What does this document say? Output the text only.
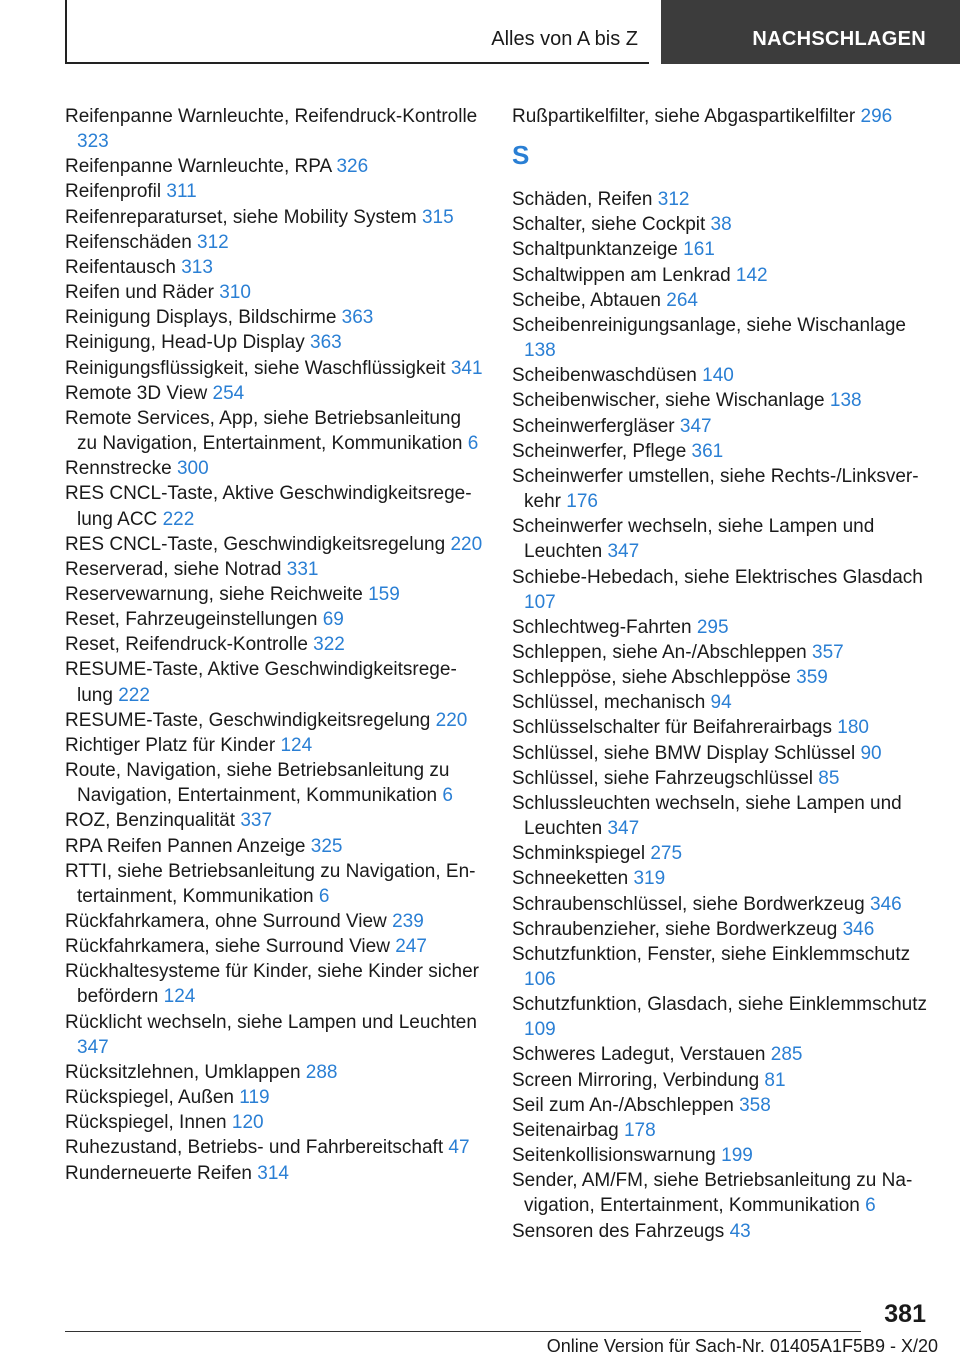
Alles von A bis Z	NACHSCHLAGEN
Reifenpanne Warnleuchte, Reifendruck-Kontrolle 323
Reifenpanne Warnleuchte, RPA 326
Reifenprofil 311
Reifenreparaturset, siehe Mobility System 315
Reifenschäden 312
Reifentausch 313
Reifen und Räder 310
Reinigung Displays, Bildschirme 363
Reinigung, Head-Up Display 363
Reinigungsflüssigkeit, siehe Waschflüssigkeit 341
Remote 3D View 254
Remote Services, App, siehe Betriebsanleitung zu Navigation, Entertainment, Kommunikation 6
Rennstrecke 300
RES CNCL-Taste, Aktive Geschwindigkeitsregelung ACC 222
RES CNCL-Taste, Geschwindigkeitsregelung 220
Reserverad, siehe Notrad 331
Reservewarnung, siehe Reichweite 159
Reset, Fahrzeugeinstellungen 69
Reset, Reifendruck-Kontrolle 322
RESUME-Taste, Aktive Geschwindigkeitsregelung 222
RESUME-Taste, Geschwindigkeitsregelung 220
Richtiger Platz für Kinder 124
Route, Navigation, siehe Betriebsanleitung zu Navigation, Entertainment, Kommunikation 6
ROZ, Benzinqualität 337
RPA Reifen Pannen Anzeige 325
RTTI, siehe Betriebsanleitung zu Navigation, Entertainment, Kommunikation 6
Rückfahrkamera, ohne Surround View 239
Rückfahrkamera, siehe Surround View 247
Rückhaltesysteme für Kinder, siehe Kinder sicher befördern 124
Rücklicht wechseln, siehe Lampen und Leuchten 347
Rücksitzlehnen, Umklappen 288
Rückspiegel, Außen 119
Rückspiegel, Innen 120
Ruhezustand, Betriebs- und Fahrbereitschaft 47
Runderneuerte Reifen 314
Rußpartikelfilter, siehe Abgaspartikelfilter 296
S
Schäden, Reifen 312
Schalter, siehe Cockpit 38
Schaltpunktanzeige 161
Schaltwippen am Lenkrad 142
Scheibe, Abtauen 264
Scheibenreinigungsanlage, siehe Wischanlage 138
Scheibenwaschdüsen 140
Scheibenwischer, siehe Wischanlage 138
Scheinwerfergläser 347
Scheinwerfer, Pflege 361
Scheinwerfer umstellen, siehe Rechts-/Linksverkehr 176
Scheinwerfer wechseln, siehe Lampen und Leuchten 347
Schiebe-Hebedach, siehe Elektrisches Glasdach 107
Schlechtweg-Fahrten 295
Schleppen, siehe An-/Abschleppen 357
Schleppöse, siehe Abschleppöse 359
Schlüssel, mechanisch 94
Schlüsselschalter für Beifahrerairbags 180
Schlüssel, siehe BMW Display Schlüssel 90
Schlüssel, siehe Fahrzeugschlüssel 85
Schlussleuchten wechseln, siehe Lampen und Leuchten 347
Schminkspiegel 275
Schneeketten 319
Schraubenschlüssel, siehe Bordwerkzeug 346
Schraubenzieher, siehe Bordwerkzeug 346
Schutzfunktion, Fenster, siehe Einklemmschutz 106
Schutzfunktion, Glasdach, siehe Einklemmschutz 109
Schweres Ladegut, Verstauen 285
Screen Mirroring, Verbindung 81
Seil zum An-/Abschleppen 358
Seitenairbag 178
Seitenkollisionswarnung 199
Sender, AM/FM, siehe Betriebsanleitung zu Navigation, Entertainment, Kommunikation 6
Sensoren des Fahrzeugs 43
381
Online Version für Sach-Nr. 01405A1F5B9 - X/20
